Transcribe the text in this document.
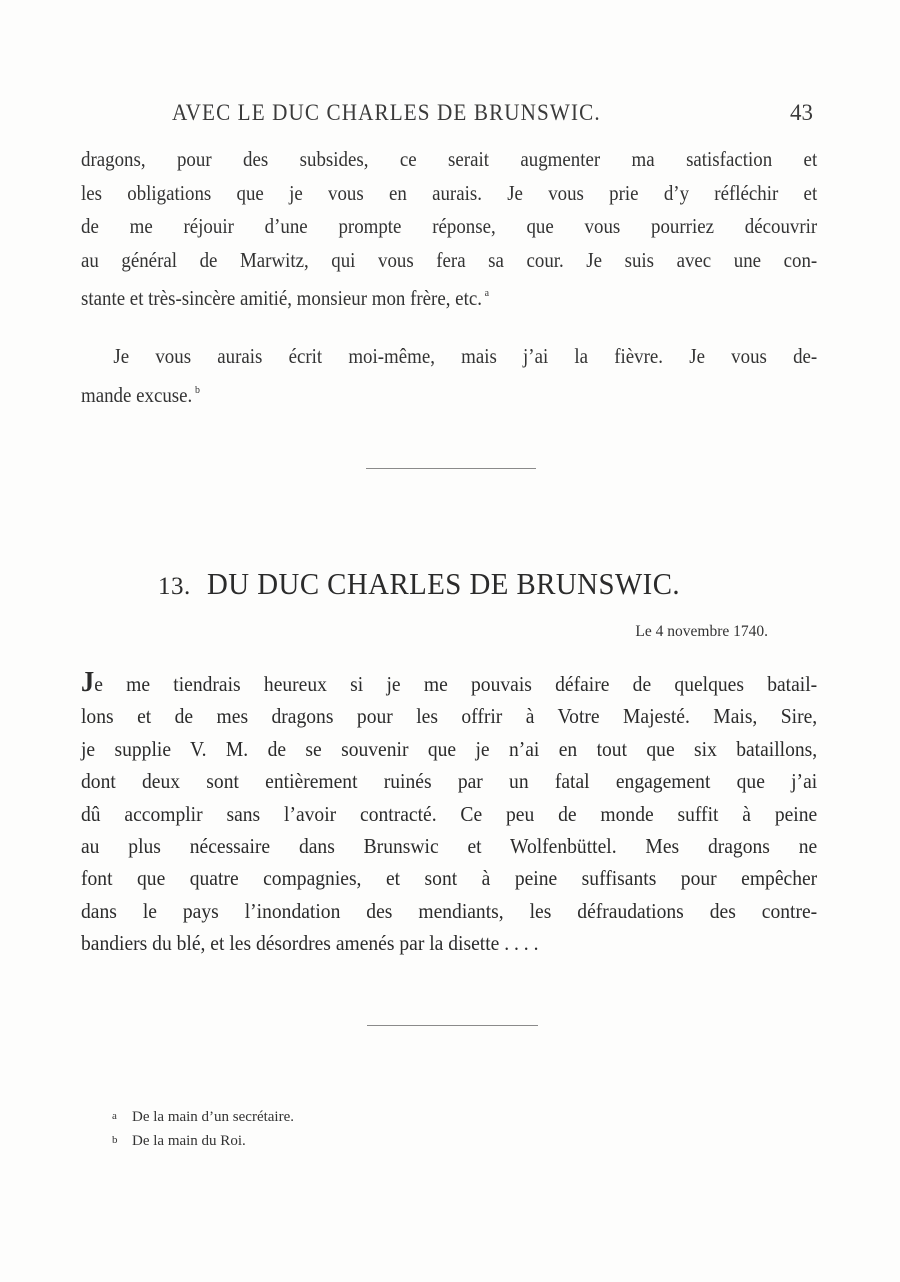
AVEC LE DUC CHARLES DE BRUNSWIC.	43
dragons, pour des subsides, ce serait augmenter ma satisfaction et
les obligations que je vous en aurais. Je vous prie d’y réfléchir et
de me réjouir d’une prompte réponse, que vous pourriez découvrir
au général de Marwitz, qui vous fera sa cour. Je suis avec une con-
stante et très-sincère amitié, monsieur mon frère, etc. $^a$
Je vous aurais écrit moi-même, mais j’ai la fièvre. Je vous de-
mande excuse. $^b$
13. DU DUC CHARLES DE BRUNSWIC.
Le 4 novembre 1740.
Je me tiendrais heureux si je me pouvais défaire de quelques batail-
lons et de mes dragons pour les offrir à Votre Majesté. Mais, Sire,
je supplie V. M. de se souvenir que je n’ai en tout que six bataillons,
dont deux sont entièrement ruinés par un fatal engagement que j’ai
dû accomplir sans l’avoir contracté. Ce peu de monde suffit à peine
au plus nécessaire dans Brunswic et Wolfenbüttel. Mes dragons ne
font que quatre compagnies, et sont à peine suffisants pour empêcher
dans le pays l’inondation des mendiants, les défraudations des contre-
bandiers du blé, et les désordres amenés par la disette . . . .
a De la main d’un secrétaire.
b De la main du Roi.
